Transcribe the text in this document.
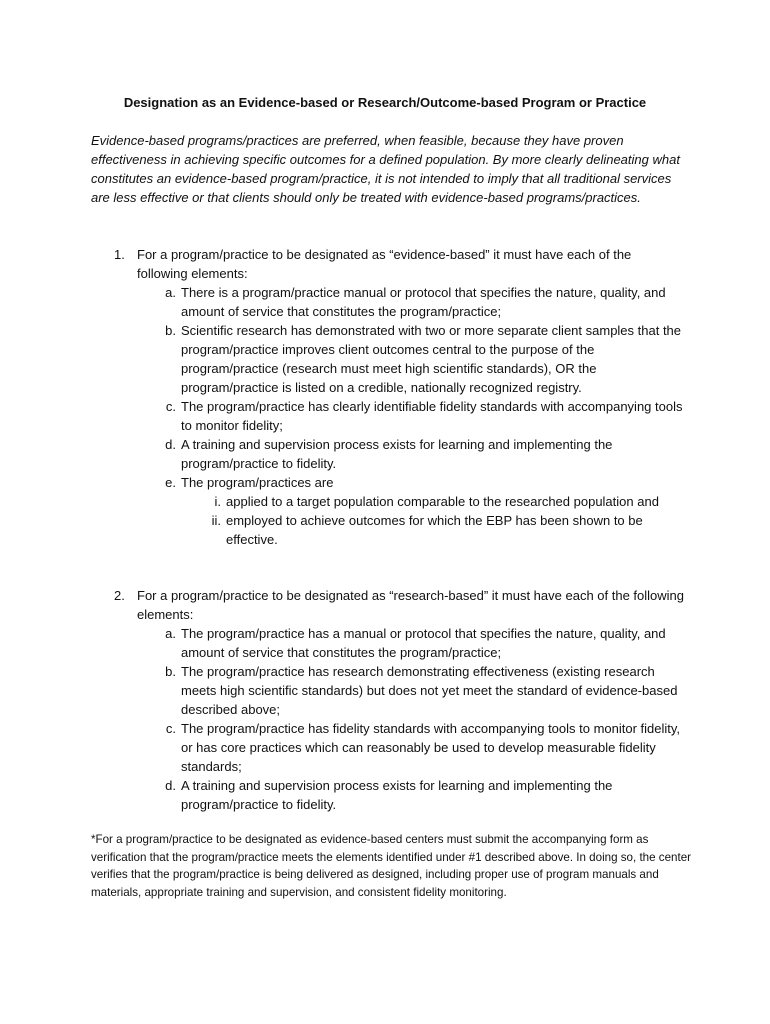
Designation as an Evidence-based or Research/Outcome-based Program or Practice

Evidence-based programs/practices are preferred, when feasible, because they have proven effectiveness in achieving specific outcomes for a defined population. By more clearly delineating what constitutes an evidence-based program/practice, it is not intended to imply that all traditional services are less effective or that clients should only be treated with evidence-based programs/practices.

1. For a program/practice to be designated as “evidence-based” it must have each of the following elements:
a. There is a program/practice manual or protocol that specifies the nature, quality, and amount of service that constitutes the program/practice;
b. Scientific research has demonstrated with two or more separate client samples that the program/practice improves client outcomes central to the purpose of the program/practice (research must meet high scientific standards), OR the program/practice is listed on a credible, nationally recognized registry.
c. The program/practice has clearly identifiable fidelity standards with accompanying tools to monitor fidelity;
d. A training and supervision process exists for learning and implementing the program/practice to fidelity.
e. The program/practices are
i. applied to a target population comparable to the researched population and
ii. employed to achieve outcomes for which the EBP has been shown to be effective.
2. For a program/practice to be designated as “research-based” it must have each of the following elements:
a. The program/practice has a manual or protocol that specifies the nature, quality, and amount of service that constitutes the program/practice;
b. The program/practice has research demonstrating effectiveness (existing research meets high scientific standards) but does not yet meet the standard of evidence-based described above;
c. The program/practice has fidelity standards with accompanying tools to monitor fidelity, or has core practices which can reasonably be used to develop measurable fidelity standards;
d. A training and supervision process exists for learning and implementing the program/practice to fidelity.

*For a program/practice to be designated as evidence-based centers must submit the accompanying form as verification that the program/practice meets the elements identified under #1 described above. In doing so, the center verifies that the program/practice is being delivered as designed, including proper use of program manuals and materials, appropriate training and supervision, and consistent fidelity monitoring.
